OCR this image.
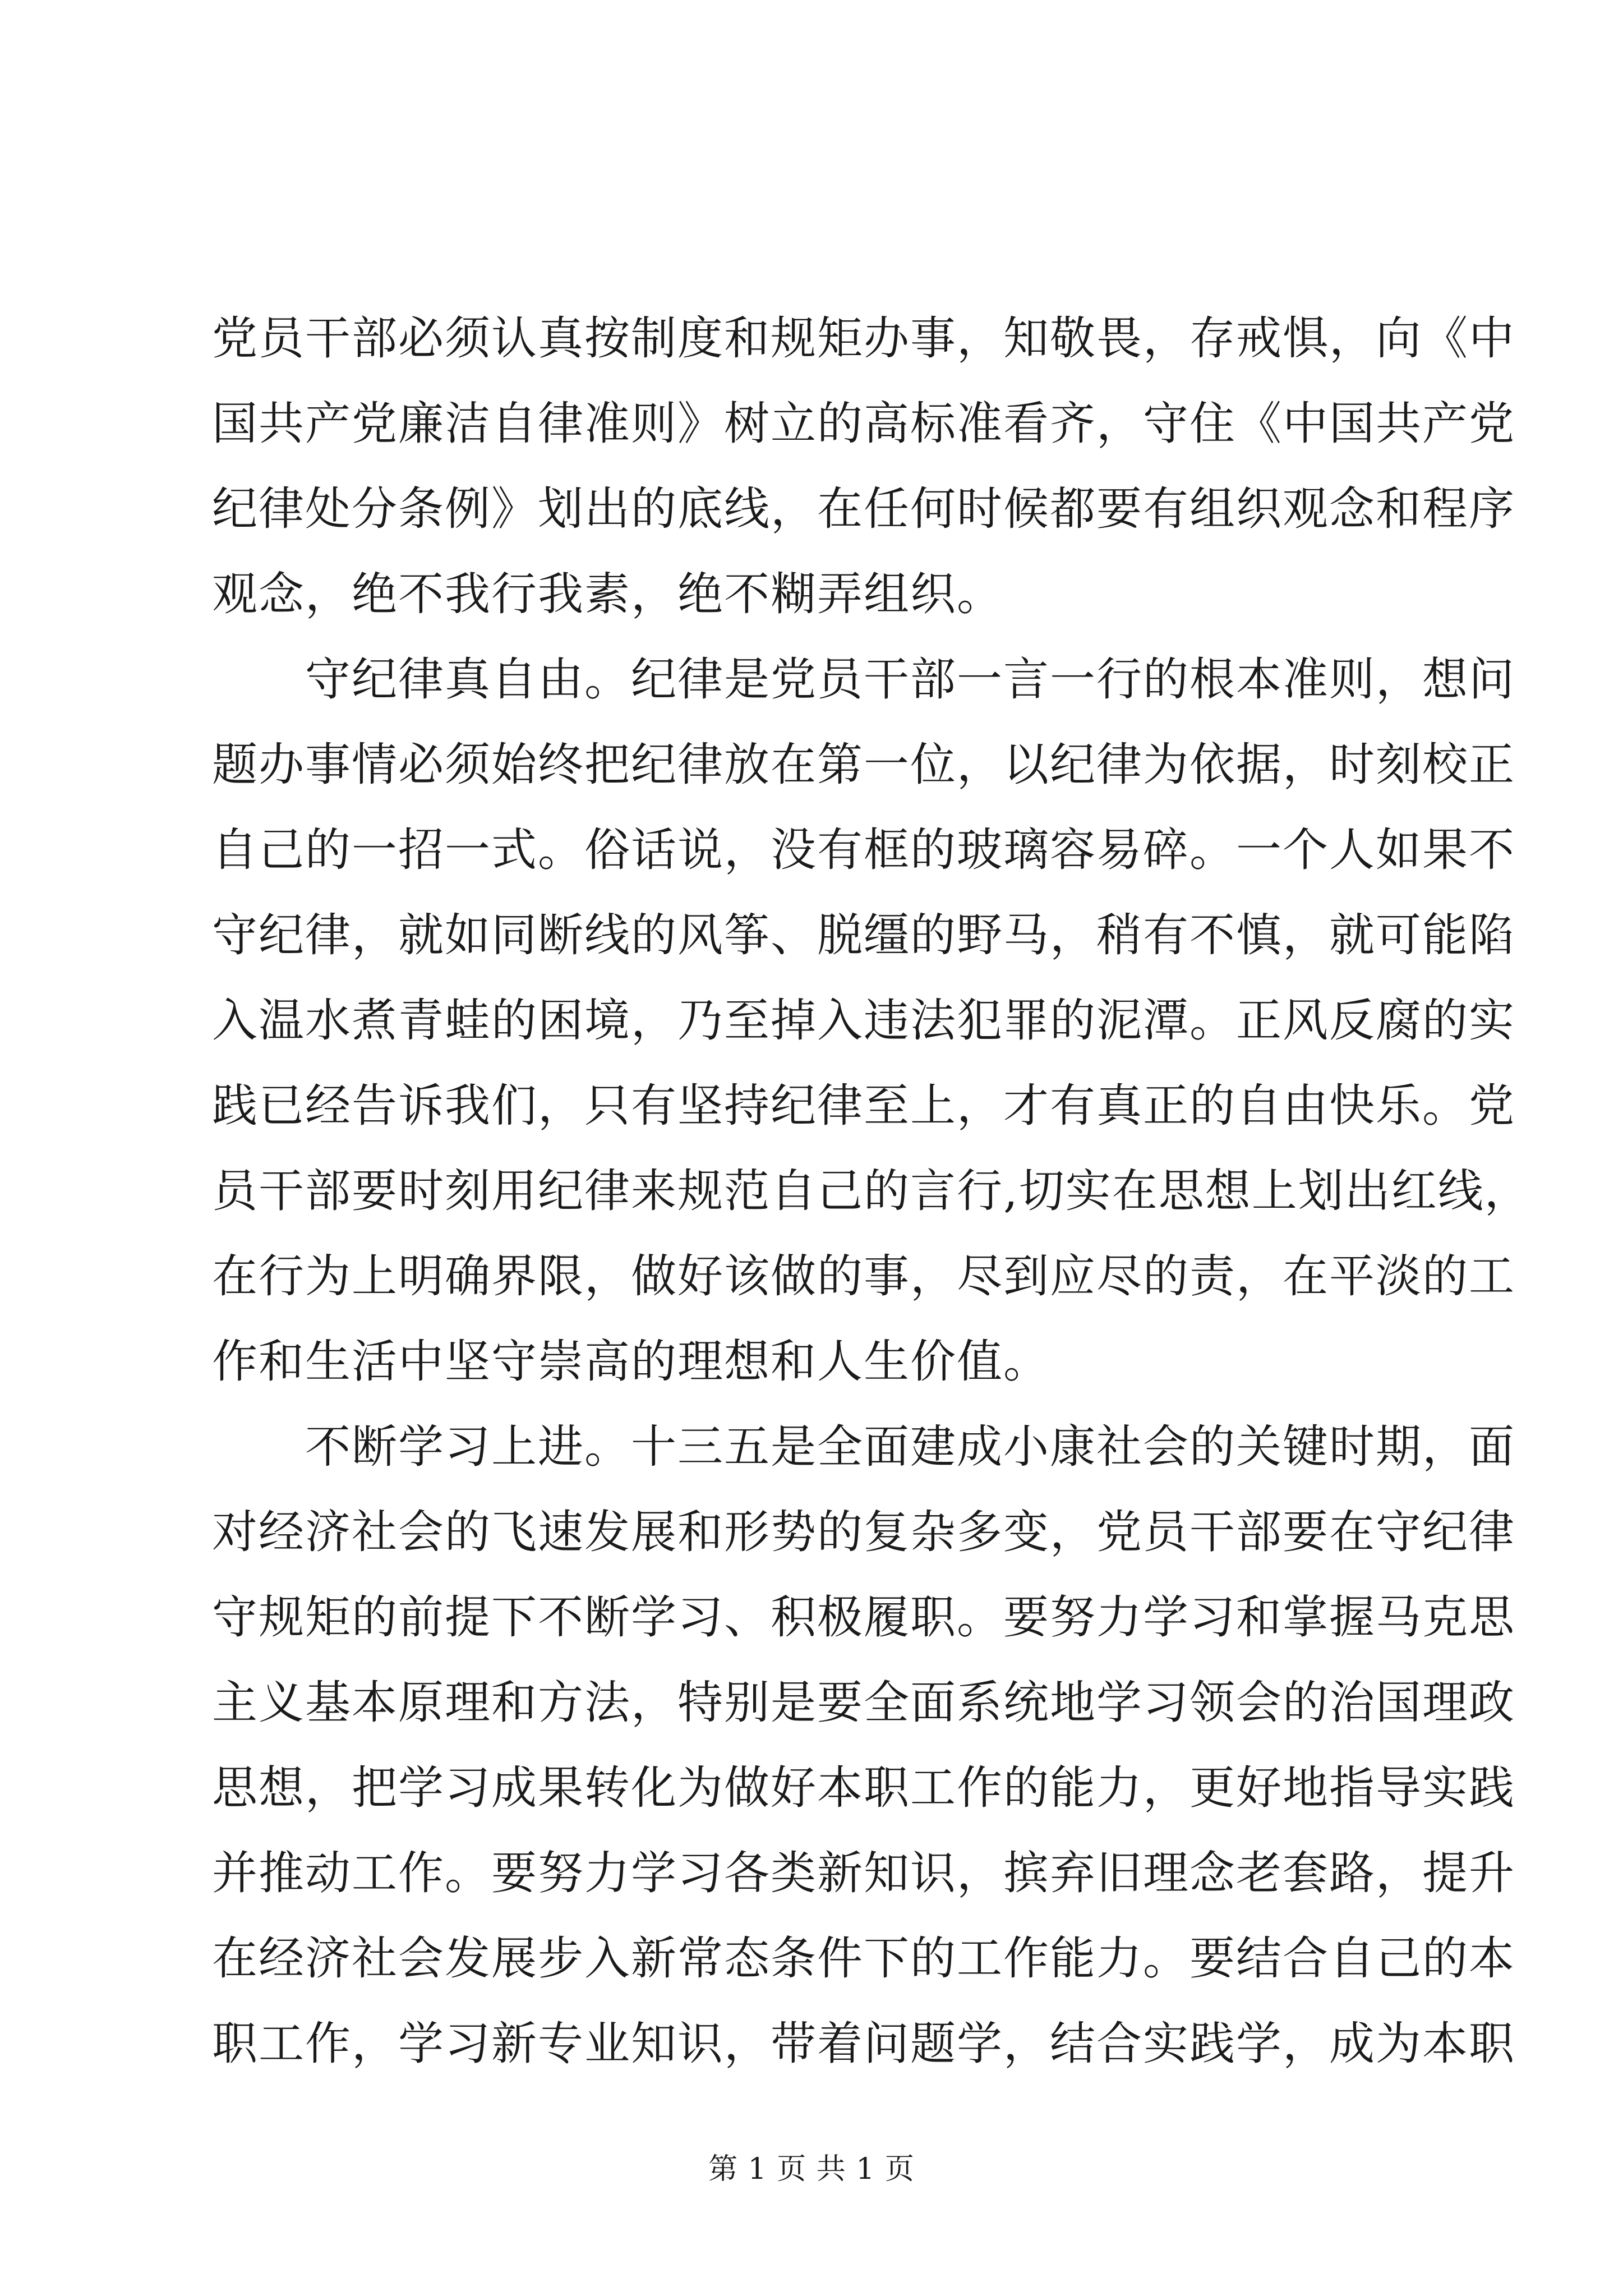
党员干部必须认真按制度和规矩办事，知敬畏，存戒惧，向《中
国共产党廉洁自律准则》树立的高标准看齐，守住《中国共产党
纪律处分条例》划出的底线，在任何时候都要有组织观念和程序
观念，绝不我行我素，绝不糊弄组织。
　　守纪律真自由。纪律是党员干部一言一行的根本准则，想问
题办事情必须始终把纪律放在第一位，以纪律为依据，时刻校正
自己的一招一式。俗话说，没有框的玻璃容易碎。一个人如果不
守纪律，就如同断线的风筝、脱缰的野马，稍有不慎，就可能陷
入温水煮青蛙的困境，乃至掉入违法犯罪的泥潭。正风反腐的实
践已经告诉我们，只有坚持纪律至上，才有真正的自由快乐。党
员干部要时刻用纪律来规范自己的言行,切实在思想上划出红线，
在行为上明确界限，做好该做的事，尽到应尽的责，在平淡的工
作和生活中坚守崇高的理想和人生价值。
　　不断学习上进。十三五是全面建成小康社会的关键时期，面
对经济社会的飞速发展和形势的复杂多变，党员干部要在守纪律
守规矩的前提下不断学习、积极履职。要努力学习和掌握马克思
主义基本原理和方法，特别是要全面系统地学习领会的治国理政
思想，把学习成果转化为做好本职工作的能力，更好地指导实践
并推动工作。要努力学习各类新知识，摈弃旧理念老套路，提升
在经济社会发展步入新常态条件下的工作能力。要结合自己的本
职工作，学习新专业知识，带着问题学，结合实践学，成为本职
第 1 页 共 1 页
